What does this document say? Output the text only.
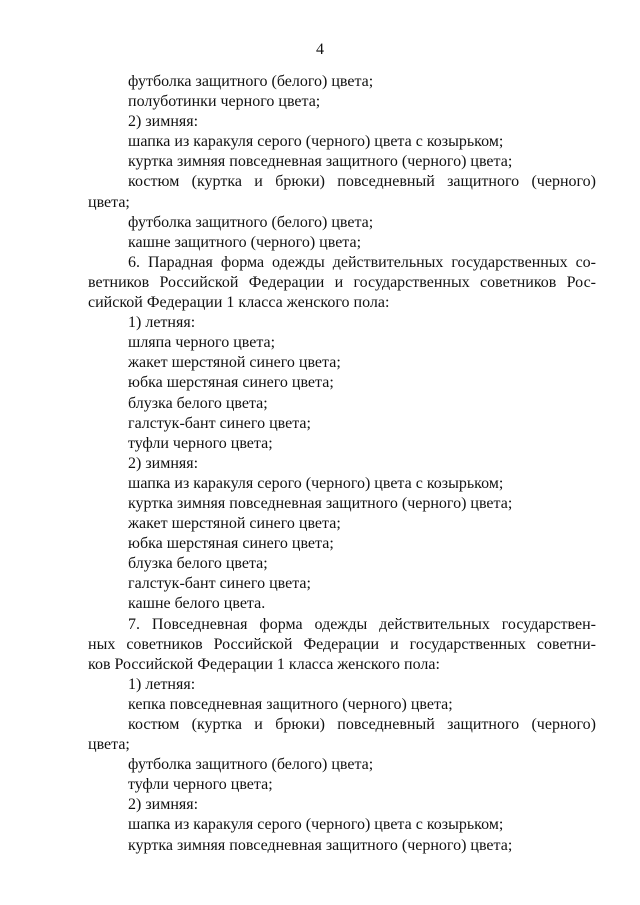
4
футболка защитного (белого) цвета;
полуботинки черного цвета;
2) зимняя:
шапка из каракуля серого (черного) цвета с козырьком;
куртка зимняя повседневная защитного (черного) цвета;
костюм (куртка и брюки) повседневный защитного (черного)
цвета;
футболка защитного (белого) цвета;
кашне защитного (черного) цвета;
6. Парадная форма одежды действительных государственных со-
ветников Российской Федерации и государственных советников Рос-
сийской Федерации 1 класса женского пола:
1) летняя:
шляпа черного цвета;
жакет шерстяной синего цвета;
юбка шерстяная синего цвета;
блузка белого цвета;
галстук-бант синего цвета;
туфли черного цвета;
2) зимняя:
шапка из каракуля серого (черного) цвета с козырьком;
куртка зимняя повседневная защитного (черного) цвета;
жакет шерстяной синего цвета;
юбка шерстяная синего цвета;
блузка белого цвета;
галстук-бант синего цвета;
кашне белого цвета.
7. Повседневная форма одежды действительных государствен-
ных советников Российской Федерации и государственных советни-
ков Российской Федерации 1 класса женского пола:
1) летняя:
кепка повседневная защитного (черного) цвета;
костюм (куртка и брюки) повседневный защитного (черного)
цвета;
футболка защитного (белого) цвета;
туфли черного цвета;
2) зимняя:
шапка из каракуля серого (черного) цвета с козырьком;
куртка зимняя повседневная защитного (черного) цвета;
